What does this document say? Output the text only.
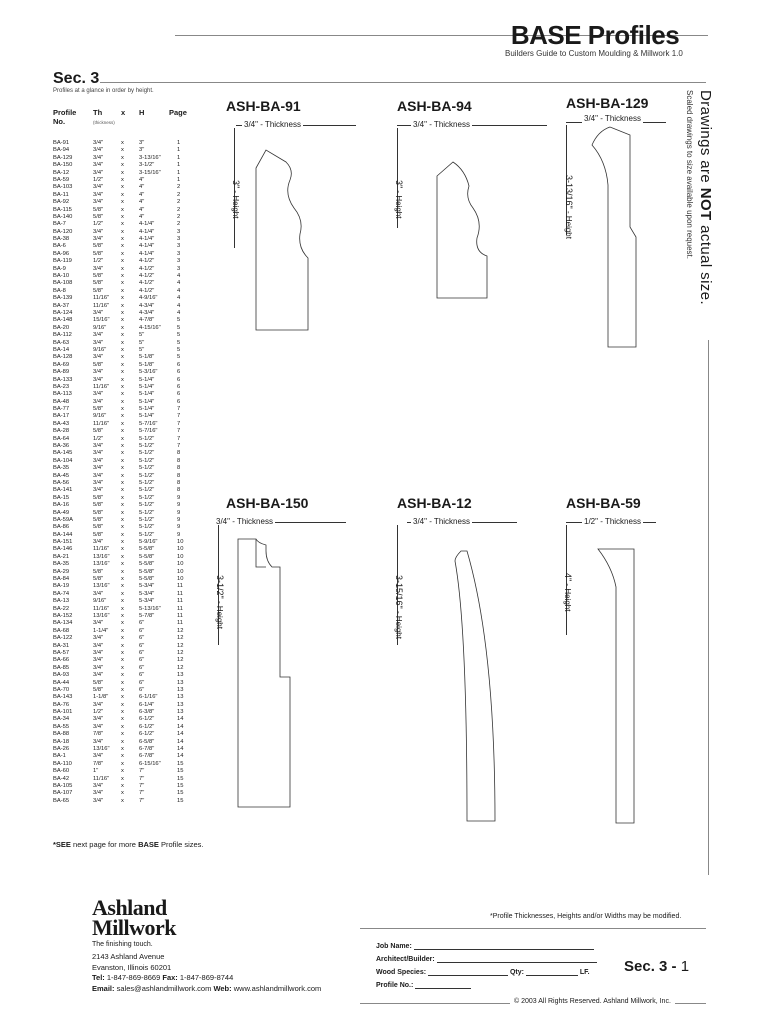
BASE Profiles
Builders Guide to Custom Moulding & Millwork 1.0
Sec. 3
Profiles at a glance in order by height.	Drawings are NOT actual size.
Scaled drawings to size available upon request.
Profile
No.
Th
(thickness)
x H	Page
BA-91	3/4"	x	3"	1
BA-94	3/4"	x	3"	1
BA-129	3/4"	x	3-13/16"	1
BA-150	3/4"	x	3-1/2"	1
BA-12	3/4"	x	3-15/16"	1
BA-59	1/2"	x	4"	1
BA-103	3/4"	x	4"	2
BA-11	3/4"	x	4"	2
BA-92	3/4"	x	4"	2
BA-115	5/8"	x	4"	2
BA-140	5/8"	x	4"	2
BA-7	1/2"	x	4-1/4"	2
BA-120	3/4"	x	4-1/4"	3
BA-38	3/4"	x	4-1/4"	3
BA-6	5/8"	x	4-1/4"	3
BA-96	5/8"	x	4-1/4"	3
BA-119	1/2"	x	4-1/2"	3
BA-9	3/4"	x	4-1/2"	3
BA-10	5/8"	x	4-1/2"	4
BA-108	5/8"	x	4-1/2"	4
BA-8	5/8"	x	4-1/2"	4
BA-139	11/16" x	4-9/16"	4
BA-37	11/16" x	4-3/4"	4
BA-124	3/4"	x	4-3/4"	4
BA-148	15/16" x	4-7/8"	5
BA-20	9/16"	x	4-15/16"	5
BA-112	3/4"	x	5"	5
BA-63	3/4"	x	5"	5
BA-14	9/16"	x	5"	5
BA-128	3/4"	x	5-1/8"	5
BA-69	5/8"	x	5-1/8"	6
BA-89	3/4"	x	5-3/16"	6
BA-133	3/4"	x	5-1/4"	6
BA-23	11/16" x	5-1/4"	6
BA-113	3/4"	x	5-1/4"	6
BA-48	3/4"	x	5-1/4"	6
BA-77	5/8"	x	5-1/4"	7
BA-17	9/16"	x	5-1/4"	7
BA-43	11/16" x	5-7/16"	7
BA-28	5/8"	x	5-7/16"	7
BA-64	1/2"	x	5-1/2"	7
BA-36	3/4"	x	5-1/2"	7
BA-145	3/4"	x	5-1/2"	8
BA-104	3/4"	x	5-1/2"	8
BA-35	3/4"	x	5-1/2"	8
BA-45	3/4"	x	5-1/2"	8
BA-56	3/4"	x	5-1/2"	8
BA-141	3/4"	x	5-1/2"	8
BA-15	5/8"	x	5-1/2"	9
BA-16	5/8"	x	5-1/2"	9
BA-49	5/8"	x	5-1/2"	9
BA-59A	5/8"	x	5-1/2"	9
BA-86	5/8"	x	5-1/2"	9
BA-144	5/8"	x	5-1/2"	9
BA-151	3/4"	x	5-9/16"	10
BA-146	11/16" x	5-5/8"	10
BA-21	13/16" x	5-5/8"	10
BA-35	13/16" x	5-5/8"	10
BA-29	5/8"	x	5-5/8"	10
BA-84	5/8"	x	5-5/8"	10
BA-19	13/16" x	5-3/4"	11
BA-74	3/4"	x	5-3/4"	11
BA-13	9/16"	x	5-3/4"	11
BA-22	11/16" x	5-13/16"	11
BA-152	13/16" x	5-7/8"	11
BA-134	3/4"	x	6"	11
BA-68	1-1/4" x	6"	12
BA-122	3/4"	x	6"	12
BA-31	3/4"	x	6"	12
BA-57	3/4"	x	6"	12
BA-66	3/4"	x	6"	12
BA-85	3/4"	x	6"	12
BA-93	3/4"	x	6"	13
BA-44	5/8"	x	6"	13
BA-70	5/8"	x	6"	13
BA-143	1-1/8" x	6-1/16"	13
BA-76	3/4"	x	6-1/4"	13
BA-101	1/2"	x	6-3/8"	13
BA-34	3/4"	x	6-1/2"	14
BA-55	3/4"	x	6-1/2"	14
BA-88	7/8"	x	6-1/2"	14
BA-18	3/4"	x	6-5/8"	14
BA-26	13/16" x	6-7/8"	14
BA-1	3/4"	x	6-7/8"	14
BA-110	7/8"	x	6-15/16"	15
BA-60	1"	x	7"	15
BA-42	11/16" x	7"	15
BA-105	3/4"	x	7"	15
BA-107	3/4"	x	7"	15
BA-65	3/4"	x	7"	15
*SEE next page for more BASE Profile sizes.
ASH-BA-91
3/4" - Thickness
3" - Height
ASH-BA-94
3/4" - Thickness
3" - Height
ASH-BA-129
3/4" - Thickness
3-13/16" - Height
ASH-BA-150
3/4" - Thickness
3-1/2" - Height
ASH-BA-12
3/4" - Thickness
3-15/16" - Height
ASH-BA-59
1/2" - Thickness
4" - Height
Ashland
Millwork
The finishing touch.
2143 Ashland Avenue
Evanston, Illinois 60201
Tel: 1-847-869-8669 Fax: 1-847-869-8744
Email: sales@ashlandmillwork.com Web: www.ashlandmillwork.com
*Profile Thicknesses, Heights and/or Widths may be modified.
Job Name:
Architect/Builder:
Wood Species:	Qty:	LF.
Profile No.:
Sec. 3 - 1
© 2003 All Rights Reserved. Ashland Millwork, Inc.
